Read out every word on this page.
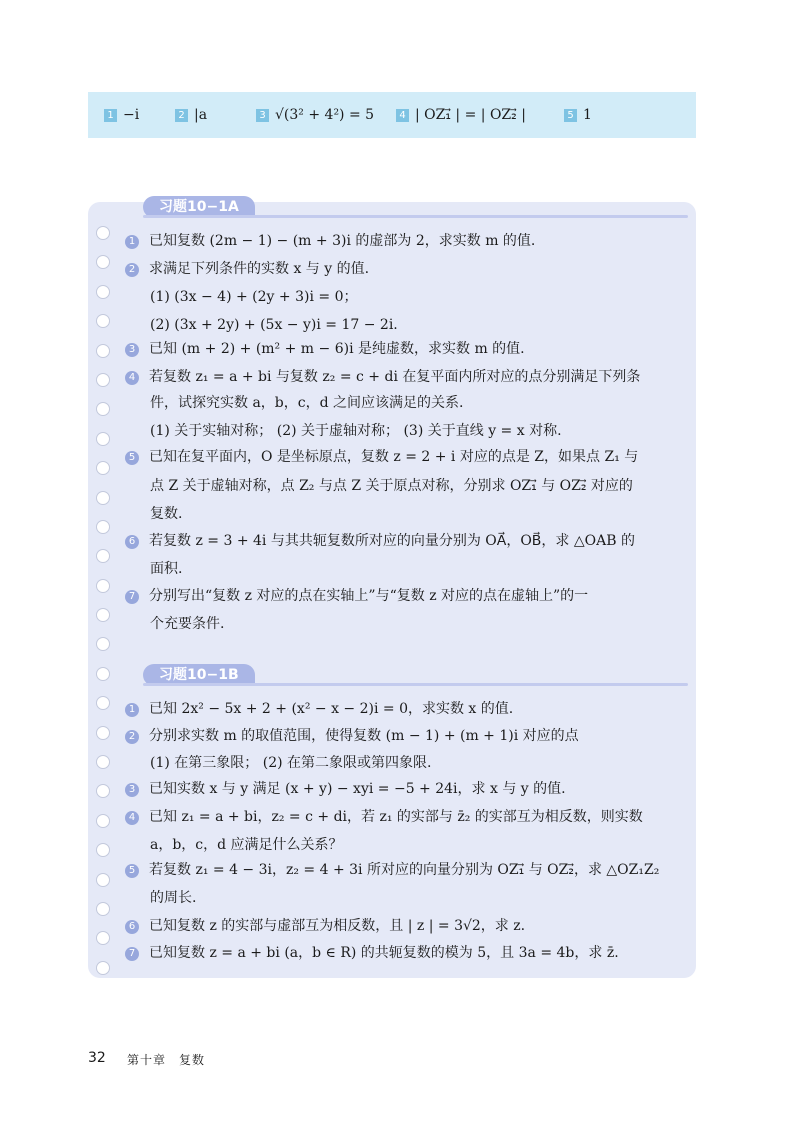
1 −i	2 |a	3 √(3² + 4²) = 5	4 | OZ₁⃗ | = | OZ₂⃗ |	5 1
习题10−1A
1 已知复数 (2m − 1) − (m + 3)i 的虚部为 2，求实数 m 的值.
2 求满足下列条件的实数 x 与 y 的值.
(1) (3x − 4) + (2y + 3)i = 0；
(2) (3x + 2y) + (5x − y)i = 17 − 2i.
3 已知 (m + 2) + (m² + m − 6)i 是纯虚数，求实数 m 的值.
4 若复数 z₁ = a + bi 与复数 z₂ = c + di 在复平面内所对应的点分别满足下列条
件，试探究实数 a，b，c，d 之间应该满足的关系.
(1) 关于实轴对称； (2) 关于虚轴对称； (3) 关于直线 y = x 对称.
5 已知在复平面内，O 是坐标原点，复数 z = 2 + i 对应的点是 Z，如果点 Z₁ 与
点 Z 关于虚轴对称，点 Z₂ 与点 Z 关于原点对称，分别求 OZ₁⃗ 与 OZ₂⃗ 对应的
复数.
6 若复数 z = 3 + 4i 与其共轭复数所对应的向量分别为 OA⃗，OB⃗，求 △OAB 的
面积.
7 分别写出“复数 z 对应的点在实轴上”与“复数 z 对应的点在虚轴上”的一
个充要条件.
习题10−1B
1 已知 2x² − 5x + 2 + (x² − x − 2)i = 0，求实数 x 的值.
2 分别求实数 m 的取值范围，使得复数 (m − 1) + (m + 1)i 对应的点
(1) 在第三象限； (2) 在第二象限或第四象限.
3 已知实数 x 与 y 满足 (x + y) − xyi = −5 + 24i，求 x 与 y 的值.
4 已知 z₁ = a + bi，z₂ = c + di，若 z₁ 的实部与 z̄₂ 的实部互为相反数，则实数
a，b，c，d 应满足什么关系？
5 若复数 z₁ = 4 − 3i，z₂ = 4 + 3i 所对应的向量分别为 OZ₁⃗ 与 OZ₂⃗，求 △OZ₁Z₂
的周长.
6 已知复数 z 的实部与虚部互为相反数，且 | z | = 3√2，求 z.
7 已知复数 z = a + bi (a，b ∈ R) 的共轭复数的模为 5，且 3a = 4b，求 z̄.
32 第十章　复数
